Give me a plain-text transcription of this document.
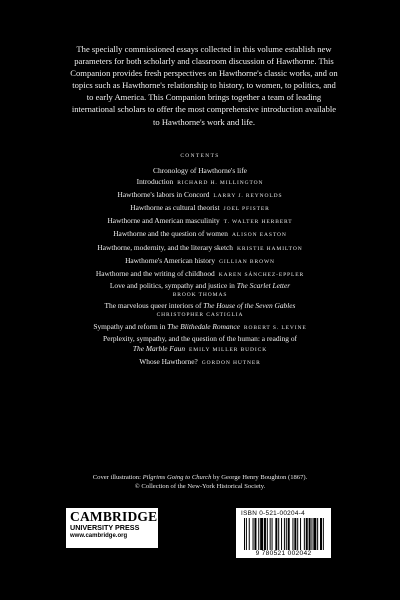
The specially commissioned essays collected in this volume establish new parameters for both scholarly and classroom discussion of Hawthorne. This Companion provides fresh perspectives on Hawthorne's classic works, and on topics such as Hawthorne's relationship to history, to women, to politics, and to early America. This Companion brings together a team of leading international scholars to offer the most comprehensive introduction available to Hawthorne's work and life.
CONTENTS
Chronology of Hawthorne's life
Introduction RICHARD H. MILLINGTON
Hawthorne's labors in Concord LARRY J. REYNOLDS
Hawthorne as cultural theorist JOEL PFISTER
Hawthorne and American masculinity T. WALTER HERBERT
Hawthorne and the question of women ALISON EASTON
Hawthorne, modernity, and the literary sketch KRISTIE HAMILTON
Hawthorne's American history GILLIAN BROWN
Hawthorne and the writing of childhood KAREN SÁNCHEZ-EPPLER
Love and politics, sympathy and justice in The Scarlet Letter
BROOK THOMAS
The marvelous queer interiors of The House of the Seven Gables
CHRISTOPHER CASTIGLIA
Sympathy and reform in The Blithedale Romance ROBERT S. LEVINE
Perplexity, sympathy, and the question of the human: a reading of
The Marble Faun EMILY MILLER BUDICK
Whose Hawthorne? GORDON HUTNER
Cover illustration: Pilgrims Going to Church by George Henry Boughton (1867).
© Collection of the New-York Historical Society.
CAMBRIDGE
UNIVERSITY PRESS
www.cambridge.org
ISBN 0-521-00204-4
9 780521 002042
